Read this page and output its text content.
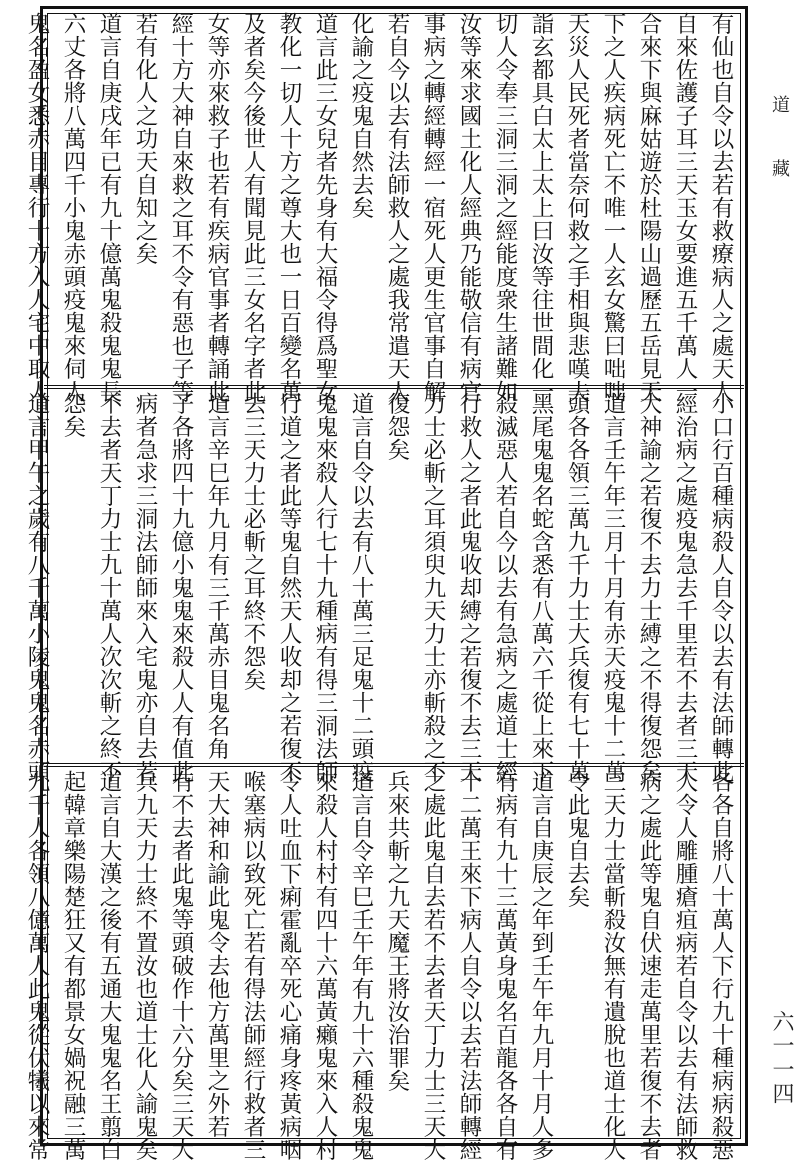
有仙也自令以去若有救療病人之處天人
自來佐護子耳三天玉女要進五千萬人一
合來下與麻姑遊於杜陽山過歷五岳見天
下之人疾病死亡不唯一人玄女驚曰咄咄
天災人民死者當奈何救之手相與悲嘆夫
詣玄都具白太上太上曰汝等往世間化一
切人令奉三洞三洞之經能度衆生諸難如
汝等來求國土化人經典乃能敬信有病官
事病之轉經轉經一宿死人更生官事自解
若自今以去有法師救人之處我常遣天人
化諭之疫鬼自然去矣
道言此三女兒者先身有大福令得爲聖女
教化一切人十方之尊大也一日百變名萬
及者矣今後世人有聞見此三女名字者此
女等亦來救子也若有疾病官事者轉誦此
經十方大神自來救之耳不令有惡也子等
若有化人之功天自知之矣
道言自庚戌年已有九十億萬鬼殺鬼鬼長
六丈各將八萬四千小鬼赤頭疫鬼來伺人
鬼名盈女悉赤目專行十方入人宅中取人
小口行百種病殺人自令以去有法師轉此
經治病之處疫鬼急去千里若不去者三天
大神諭之若復不去力士縛之不得復怨矣
道言壬午年三月十月有赤天疫鬼十二萬
頭各各領三萬九千力士大兵復有七十萬
黑尾鬼鬼名蛇含悉有八萬六千從上來下
殺滅惡人若自今以去有急病之處道士經
行救人之者此鬼收却縛之若復不去三天
力士必斬之耳須臾九天力士亦斬殺之不
復怨矣
道言自令以去有八十萬三足鬼十二頭疫
鬼鬼來殺人行七十九種病有得三洞法師
行道之者此等鬼自然天人收却之若復不
去三天力士必斬之耳終不怨矣
道言辛巳年九月有三千萬赤目鬼名角
子各將四十九億小鬼鬼來殺人人有值此
病者急求三洞法師師來入宅鬼亦自去若
不去者天丁力士九十萬人次次斬之終不
怨矣
道言甲午之歲有八千萬小陵鬼鬼名赤頭
各各自將八十萬人下行九十種病病殺惡
人令人雕腫瘡疽病若自令以去有法師救
病之處此等鬼自伏速走萬里若復不去者
三天力士當斬殺汝無有遺脫也道士化人
令此鬼自去矣
道言自庚辰之年到壬午年九月十月人多
有病有九十三萬黃身鬼名百龍各各自有
十二萬王來下病人自令以去若法師轉經
之處此鬼自去若不去者天丁力士三天大
兵來共斬之九天魔王將汝治罪矣
道言自令辛巳壬午年有九十六種殺鬼鬼
來殺人村村有四十六萬黃癩鬼來入人村
令人吐血下痢霍亂卒死心痛身疼黃病咽
喉塞病以致死亡若有得法師經行救者三
天大神和諭此鬼令去他方萬里之外若
有不去者此鬼等頭破作十六分矣三天大
兵九天力士終不置汝也道士化人諭鬼矣
道言自大漢之後有五通大鬼鬼名王翦白
起韓章樂陽楚狂又有都景女媧祝融三萬
九千人各領八億萬人此鬼從伏犧以來常
道　藏
六一一四
